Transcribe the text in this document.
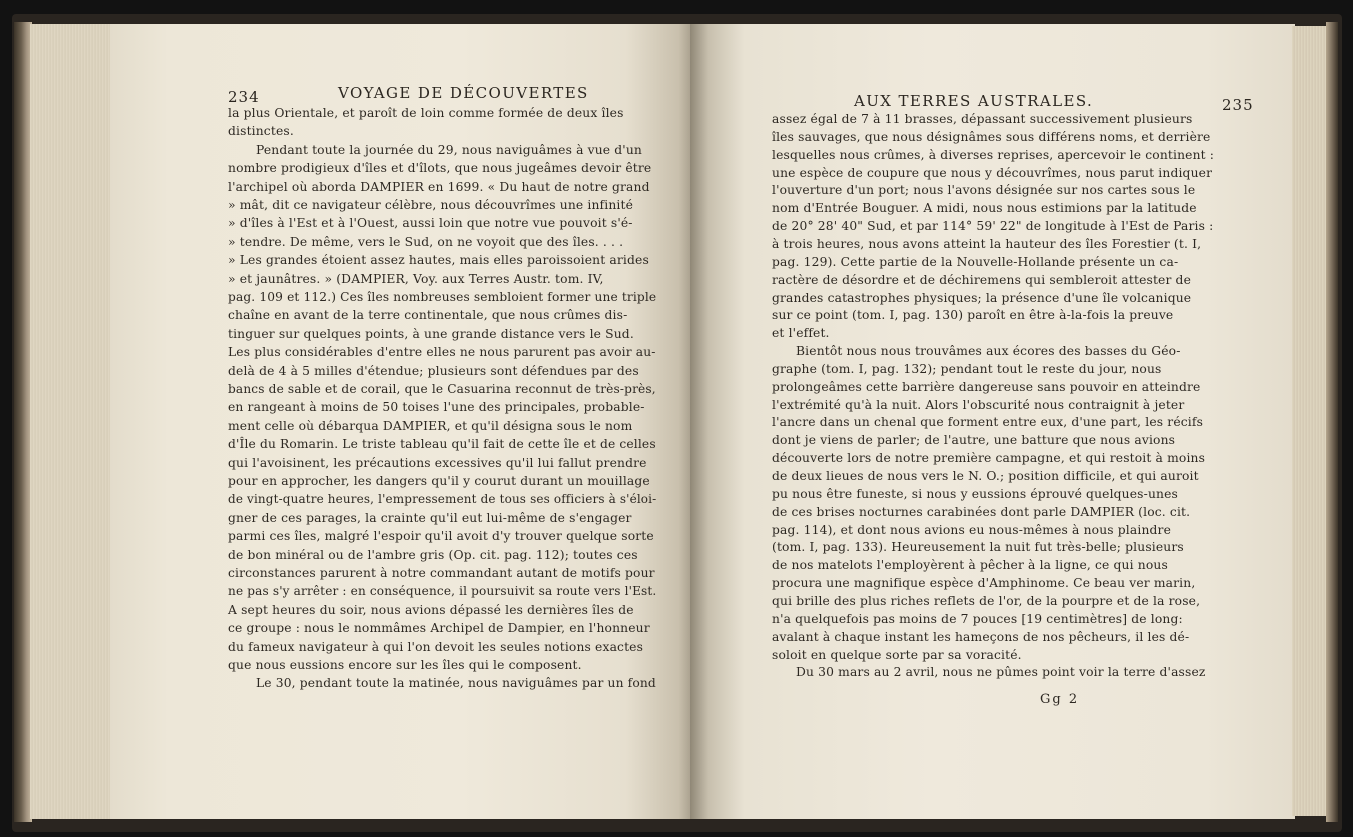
234	VOYAGE DE DÉCOUVERTES
la plus Orientale, et paroît de loin comme formée de deux îles
distinctes.
Pendant toute la journée du 29, nous naviguâmes à vue d'un
nombre prodigieux d'îles et d'îlots, que nous jugeâmes devoir être
l'archipel où aborda DAMPIER en 1699. « Du haut de notre grand
» mât, dit ce navigateur célèbre, nous découvrîmes une infinité
» d'îles à l'Est et à l'Ouest, aussi loin que notre vue pouvoit s'é-
» tendre. De même, vers le Sud, on ne voyoit que des îles. . . .
» Les grandes étoient assez hautes, mais elles paroissoient arides
» et jaunâtres. » (DAMPIER, Voy. aux Terres Austr. tom. IV,
pag. 109 et 112.) Ces îles nombreuses sembloient former une triple
chaîne en avant de la terre continentale, que nous crûmes dis-
tinguer sur quelques points, à une grande distance vers le Sud.
Les plus considérables d'entre elles ne nous parurent pas avoir au-
delà de 4 à 5 milles d'étendue; plusieurs sont défendues par des
bancs de sable et de corail, que le Casuarina reconnut de très-près,
en rangeant à moins de 50 toises l'une des principales, probable-
ment celle où débarqua DAMPIER, et qu'il désigna sous le nom
d'Île du Romarin. Le triste tableau qu'il fait de cette île et de celles
qui l'avoisinent, les précautions excessives qu'il lui fallut prendre
pour en approcher, les dangers qu'il y courut durant un mouillage
de vingt-quatre heures, l'empressement de tous ses officiers à s'éloi-
gner de ces parages, la crainte qu'il eut lui-même de s'engager
parmi ces îles, malgré l'espoir qu'il avoit d'y trouver quelque sorte
de bon minéral ou de l'ambre gris (Op. cit. pag. 112); toutes ces
circonstances parurent à notre commandant autant de motifs pour
ne pas s'y arrêter : en conséquence, il poursuivit sa route vers l'Est.
A sept heures du soir, nous avions dépassé les dernières îles de
ce groupe : nous le nommâmes Archipel de Dampier, en l'honneur
du fameux navigateur à qui l'on devoit les seules notions exactes
que nous eussions encore sur les îles qui le composent.
Le 30, pendant toute la matinée, nous naviguâmes par un fond
AUX TERRES AUSTRALES.	235
assez égal de 7 à 11 brasses, dépassant successivement plusieurs
îles sauvages, que nous désignâmes sous différens noms, et derrière
lesquelles nous crûmes, à diverses reprises, apercevoir le continent :
une espèce de coupure que nous y découvrîmes, nous parut indiquer
l'ouverture d'un port; nous l'avons désignée sur nos cartes sous le
nom d'Entrée Bouguer. A midi, nous nous estimions par la latitude
de 20° 28' 40" Sud, et par 114° 59' 22" de longitude à l'Est de Paris :
à trois heures, nous avons atteint la hauteur des îles Forestier (t. I,
pag. 129). Cette partie de la Nouvelle-Hollande présente un ca-
ractère de désordre et de déchiremens qui sembleroit attester de
grandes catastrophes physiques; la présence d'une île volcanique
sur ce point (tom. I, pag. 130) paroît en être à-la-fois la preuve
et l'effet.
Bientôt nous nous trouvâmes aux écores des basses du Géo-
graphe (tom. I, pag. 132); pendant tout le reste du jour, nous
prolongeâmes cette barrière dangereuse sans pouvoir en atteindre
l'extrémité qu'à la nuit. Alors l'obscurité nous contraignit à jeter
l'ancre dans un chenal que forment entre eux, d'une part, les récifs
dont je viens de parler; de l'autre, une batture que nous avions
découverte lors de notre première campagne, et qui restoit à moins
de deux lieues de nous vers le N. O.; position difficile, et qui auroit
pu nous être funeste, si nous y eussions éprouvé quelques-unes
de ces brises nocturnes carabinées dont parle DAMPIER (loc. cit.
pag. 114), et dont nous avions eu nous-mêmes à nous plaindre
(tom. I, pag. 133). Heureusement la nuit fut très-belle; plusieurs
de nos matelots l'employèrent à pêcher à la ligne, ce qui nous
procura une magnifique espèce d'Amphinome. Ce beau ver marin,
qui brille des plus riches reflets de l'or, de la pourpre et de la rose,
n'a quelquefois pas moins de 7 pouces [19 centimètres] de long:
avalant à chaque instant les hameçons de nos pêcheurs, il les dé-
soloit en quelque sorte par sa voracité.
Du 30 mars au 2 avril, nous ne pûmes point voir la terre d'assez
Gg 2
